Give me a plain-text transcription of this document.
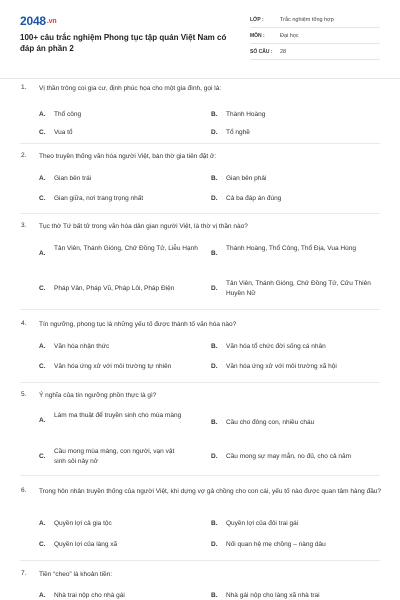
2048.vn
100+ câu trắc nghiệm Phong tục tập quán Việt Nam có đáp án phần 2
LỚP :	Trắc nghiệm tổng hợp
MÔN :	Đại học
SỐ CÂU :	28
1. Vị thần trông coi gia cư, định phúc họa cho một gia đình, gọi là:
A.	Thổ công	B.	Thành Hoàng
C.	Vua tổ	D.	Tổ nghề
2. Theo truyền thống văn hóa người Việt, bàn thờ gia tiên đặt ở:
A.	Gian bên trái	B.	Gian bên phải
C.	Gian giữa, nơi trang trọng nhất	D.	Cả ba đáp án đúng
3. Tục thờ Tứ bất tử trong văn hóa dân gian người Việt, là thờ vị thần nào?
A.
Tản Viên, Thánh Gióng, Chử Đồng Tử, Liễu Hạnh
B.
Thành Hoàng, Thổ Công, Thổ Địa, Vua Hùng
C.	Pháp Vân, Pháp Vũ, Pháp Lôi, Pháp Điện	D.
Tản Viên, Thánh Gióng, Chử Đồng Tử, Cửu Thiên Huyền Nữ
4. Tín ngưỡng, phong tục là những yếu tố được thành tố văn hóa nào?
A.	Văn hóa nhận thức	B.	Văn hóa tổ chức đời sống cá nhân
C.	Văn hóa ứng xử với môi trường tự nhiên	D.	Văn hóa ứng xử với môi trường xã hội
5. Ý nghĩa của tín ngưỡng phồn thực là gì?
A.
Làm ma thuật để truyền sinh cho mùa màng
B.	Cầu cho đông con, nhiều cháu
C.
Cầu mong mùa màng, con người, vạn vật sinh sôi nảy nở
D.	Cầu mong sự may mắn, no đủ, cho cả năm
6. Trong hôn nhân truyền thống của người Việt, khi dựng vợ gả chồng cho con cái, yếu tố nào được quan tâm hàng đầu?
A.	Quyền lợi cả gia tộc	B.	Quyền lợi của đôi trai gái
C.	Quyền lợi của làng xã	D.	Nối quan hệ mẹ chồng – nàng dâu
7. Tiền “cheo” là khoản tiền:
A.	Nhà trai nộp cho nhà gái	B.	Nhà gái nộp cho làng xã nhà trai
